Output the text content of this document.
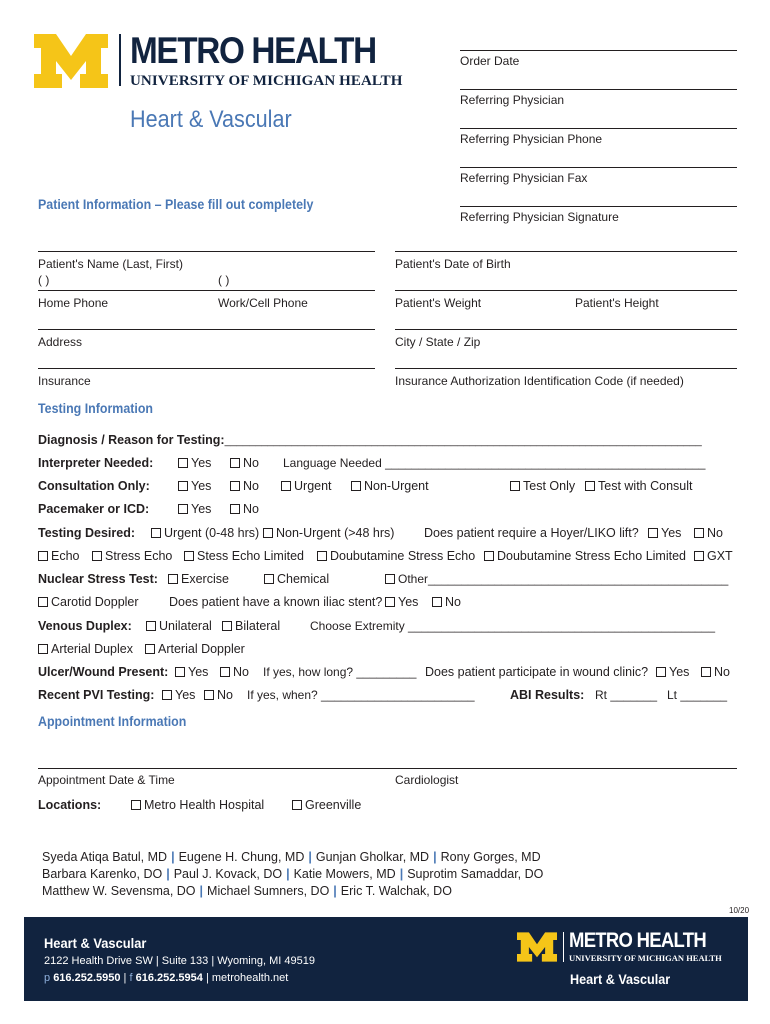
METRO HEALTH
UNIVERSITY OF MICHIGAN HEALTH
Heart & Vascular
Order Date
Referring Physician
Referring Physician Phone
Referring Physician Fax
Referring Physician Signature
Patient Information – Please fill out completely
Patient's Name (Last, First)	Patient's Date of Birth
( )	( )
Home Phone	Work/Cell Phone	Patient's Weight	Patient's Height
Address	City / State / Zip
Insurance	Insurance Authorization Identification Code (if needed)
Testing Information
Diagnosis / Reason for Testing:______________________________________________________________________________
Interpreter Needed:	Yes	No Language Needed ________________________________________________
Consultation Only:	Yes	No	Urgent	Non-Urgent	Test Only	Test with Consult
Pacemaker or ICD:	Yes	No
Testing Desired:	Urgent (0-48 hrs)	Non-Urgent (>48 hrs) Does patient require a Hoyer/LIKO lift?	Yes	No
Echo	Stress Echo	Stess Echo Limited	Doubutamine Stress Echo	Doubutamine Stress Echo Limited	GXT
Nuclear Stress Test:	Exercise	Chemical	Other_____________________________________________
Carotid Doppler Does patient have a known iliac stent?	Yes	No
Venous Duplex:	Unilateral	Bilateral Choose Extremity ______________________________________________
Arterial Duplex	Arterial Doppler
Ulcer/Wound Present:	Yes	No If yes, how long? _________ Does patient participate in wound clinic?	Yes	No
Recent PVI Testing:	Yes	No If yes, when? _______________________	ABI Results: Rt _______ Lt _______
Appointment Information
Appointment Date & Time	Cardiologist
Locations:	Metro Health Hospital	Greenville
Syeda Atiqa Batul, MD | Eugene H. Chung, MD | Gunjan Gholkar, MD | Rony Gorges, MD
Barbara Karenko, DO | Paul J. Kovack, DO | Katie Mowers, MD | Suprotim Samaddar, DO
Matthew W. Sevensma, DO | Michael Sumners, DO | Eric T. Walchak, DO
10/20
Heart & Vascular
2122 Health Drive SW | Suite 133 | Wyoming, MI 49519
p 616.252.5950 | f 616.252.5954 | metrohealth.net
METRO HEALTH
UNIVERSITY OF MICHIGAN HEALTH
Heart & Vascular
